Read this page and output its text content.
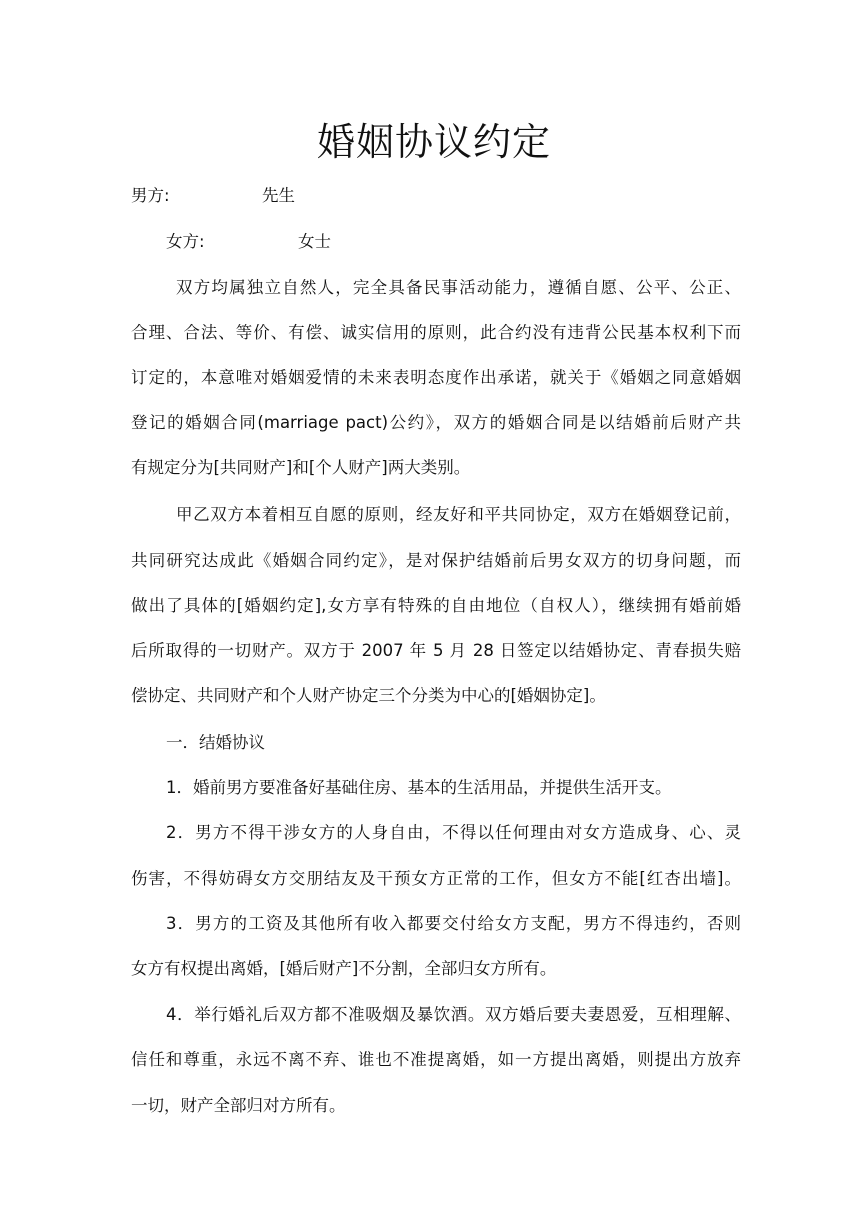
婚姻协议约定
男方:	先生
女方:	女士
双方均属独立自然人，完全具备民事活动能力，遵循自愿、公平、公正、
合理、合法、等价、有偿、诚实信用的原则，此合约没有违背公民基本权利下而
订定的，本意唯对婚姻爱情的未来表明态度作出承诺，就关于《婚姻之同意婚姻
登记的婚姻合同(marriage pact)公约》，双方的婚姻合同是以结婚前后财产共
有规定分为[共同财产]和[个人财产]两大类别。
甲乙双方本着相互自愿的原则，经友好和平共同协定，双方在婚姻登记前，
共同研究达成此《婚姻合同约定》，是对保护结婚前后男女双方的切身问题，而
做出了具体的[婚姻约定],女方享有特殊的自由地位（自权人），继续拥有婚前婚
后所取得的一切财产。双方于 2007 年 5 月 28 日签定以结婚协定、青春损失赔
偿协定、共同财产和个人财产协定三个分类为中心的[婚姻协定]。
一．结婚协议
1．婚前男方要准备好基础住房、基本的生活用品，并提供生活开支。
2．男方不得干涉女方的人身自由，不得以任何理由对女方造成身、心、灵
伤害，不得妨碍女方交朋结友及干预女方正常的工作，但女方不能[红杏出墙]。
3．男方的工资及其他所有收入都要交付给女方支配，男方不得违约，否则
女方有权提出离婚，[婚后财产]不分割，全部归女方所有。
4．举行婚礼后双方都不准吸烟及暴饮酒。双方婚后要夫妻恩爱，互相理解、
信任和尊重，永远不离不弃、谁也不准提离婚，如一方提出离婚，则提出方放弃
一切，财产全部归对方所有。
